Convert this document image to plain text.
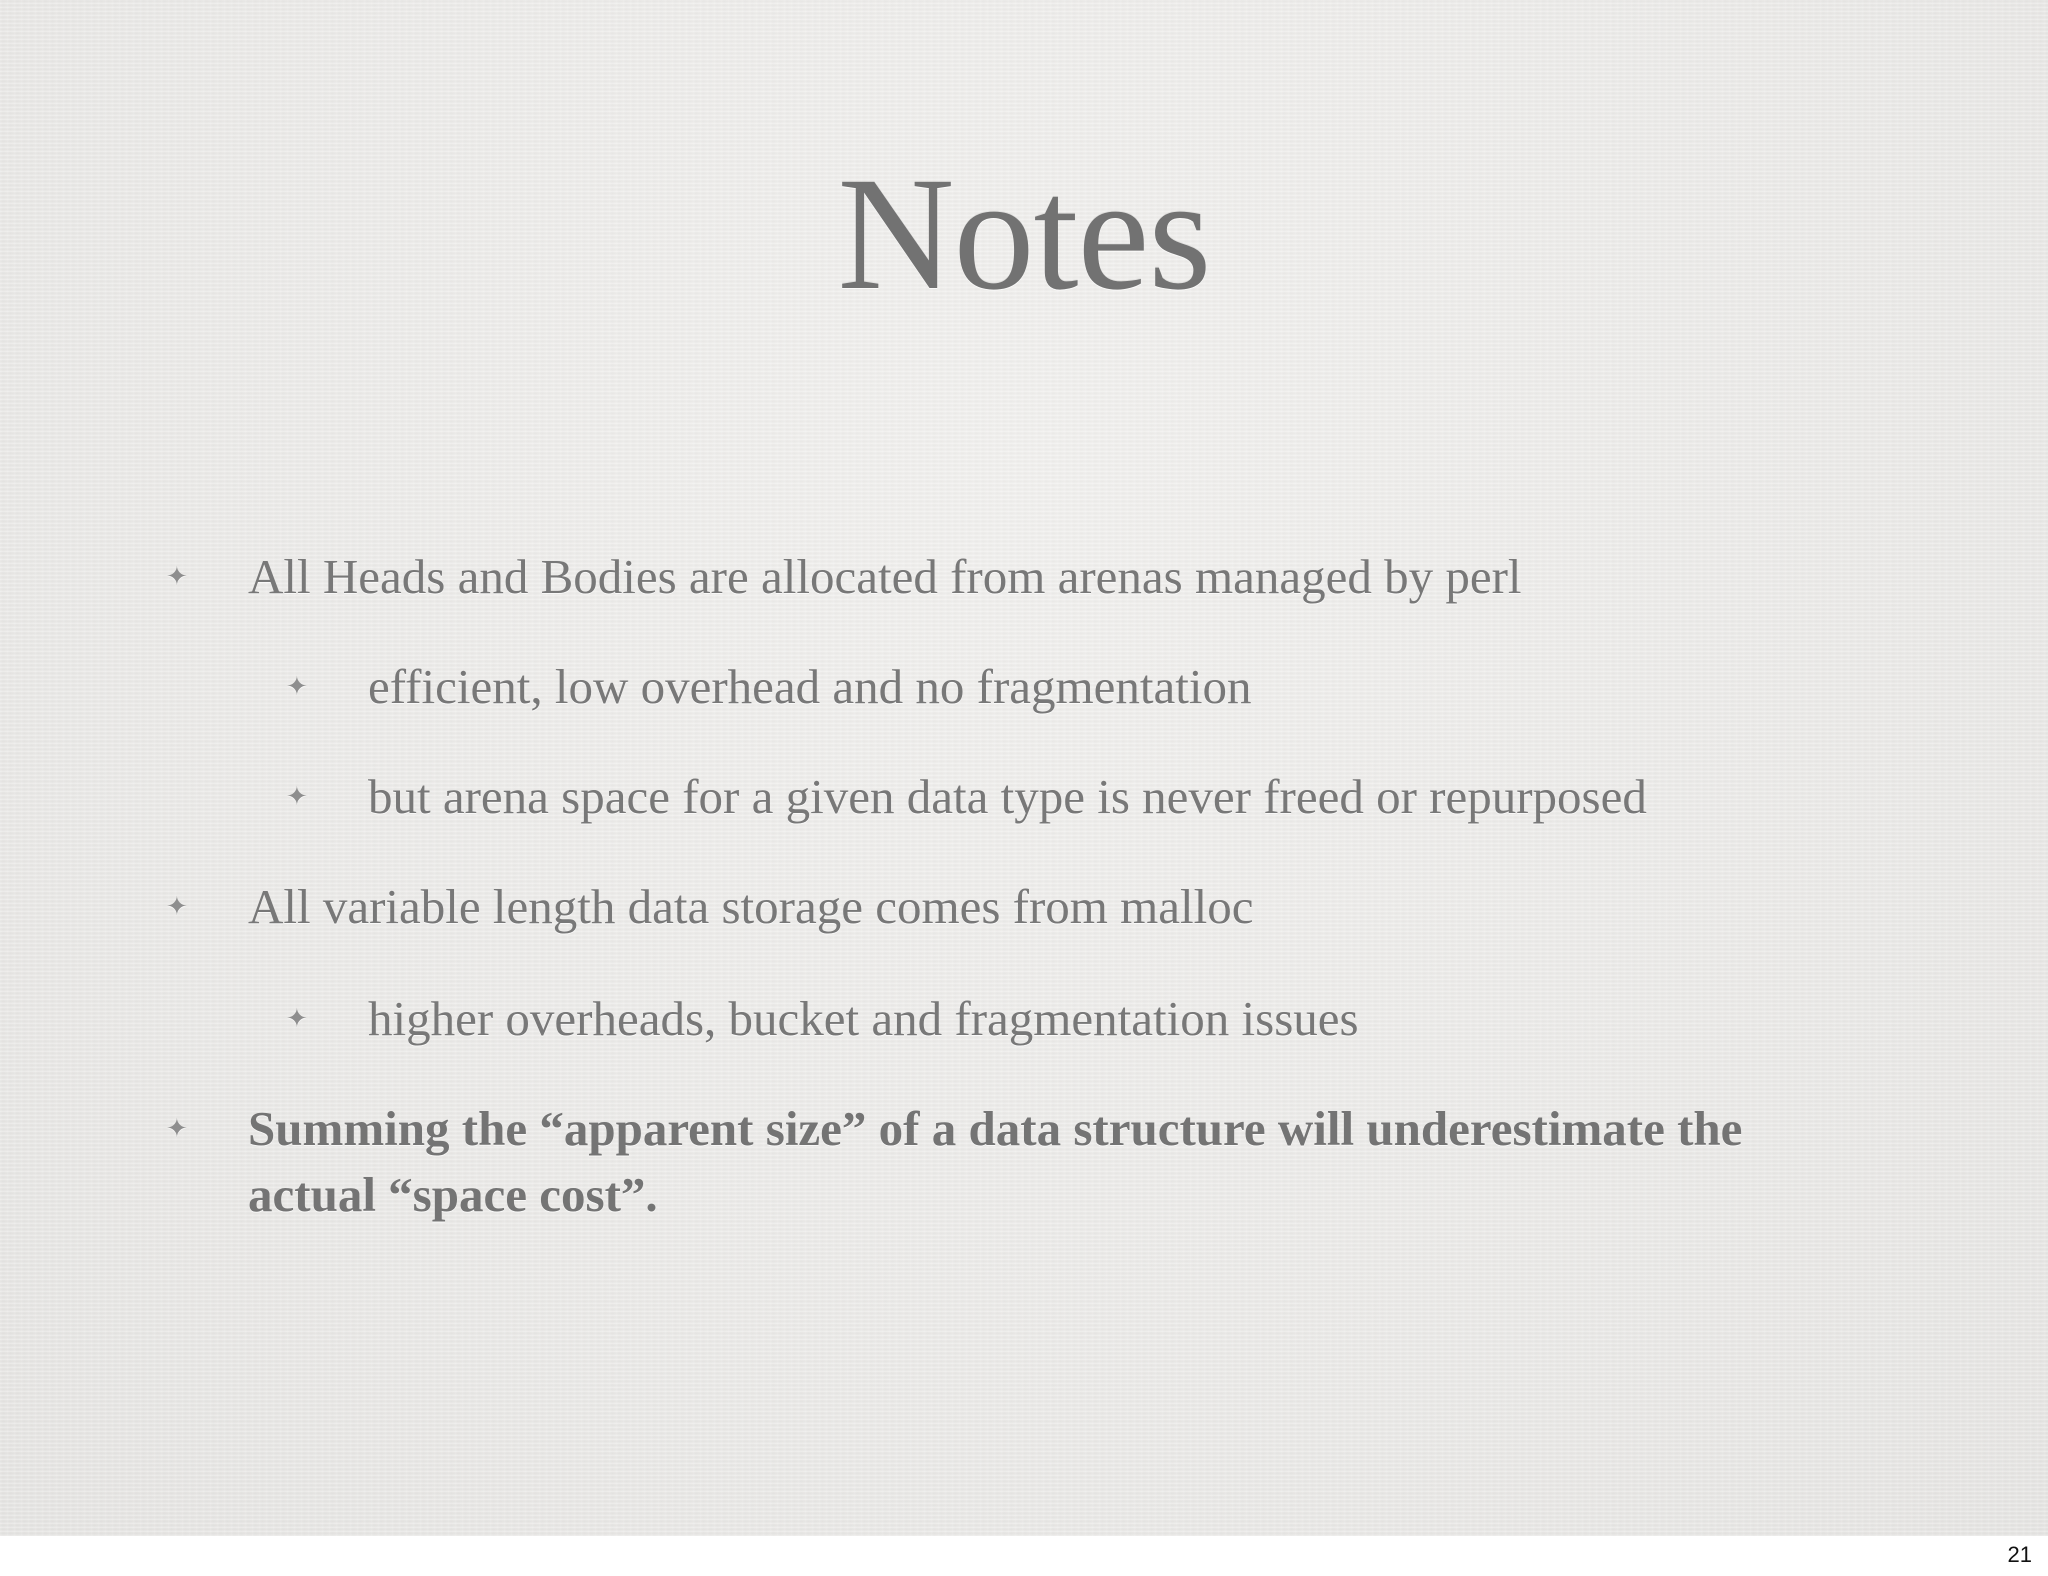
Notes
✦ All Heads and Bodies are allocated from arenas managed by perl
✦ efficient, low overhead and no fragmentation
✦ but arena space for a given data type is never freed or repurposed
✦ All variable length data storage comes from malloc
✦ higher overheads, bucket and fragmentation issues
✦ Summing the “apparent size” of a data structure will underestimate the actual “space cost”.
21
